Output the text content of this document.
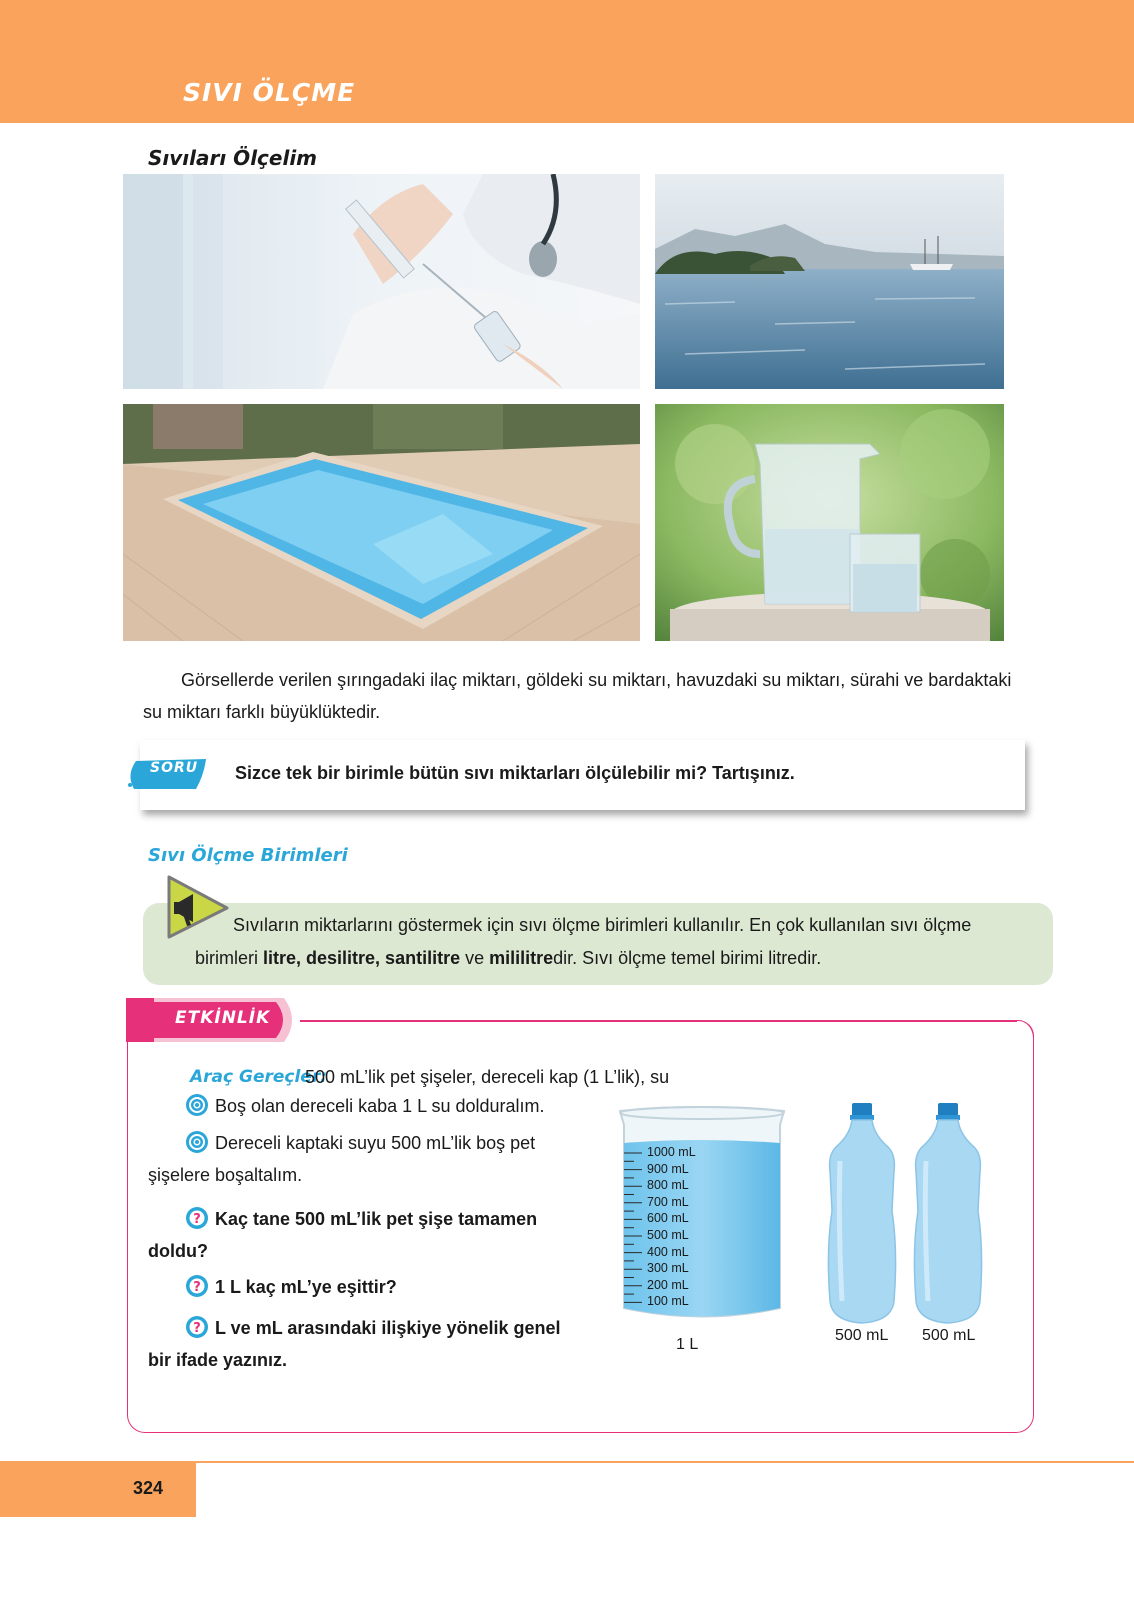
SIVI ÖLÇME
Sıvıları Ölçelim
Görsellerde verilen şırıngadaki ilaç miktarı, göldeki su miktarı, havuzdaki su miktarı, sürahi ve bardaktaki su miktarı farklı büyüklüktedir.
SORU Sizce tek bir birimle bütün sıvı miktarları ölçülebilir mi? Tartışınız.
Sıvı Ölçme Birimleri
Sıvıların miktarlarını göstermek için sıvı ölçme birimleri kullanılır. En çok kullanılan sıvı ölçme birimleri litre, desilitre, santilitre ve mililitredir. Sıvı ölçme temel birimi litredir.
ETKİNLİK
Araç Gereçler:
500 mL’lik pet şişeler, dereceli kap (1 L’lik), su
Boş olan dereceli kaba 1 L su dolduralım.
Dereceli kaptaki suyu 500 mL’lik boş pet şişelere boşaltalım.
? Kaç tane 500 mL’lik pet şişe tamamen doldu?
? 1 L kaç mL’ye eşittir?
? L ve mL arasındaki ilişkiye yönelik genel bir ifade yazınız.
1000 mL
900 mL
800 mL
700 mL
600 mL
500 mL
400 mL
300 mL
200 mL
100 mL
1 L
500 mL 500 mL
324
